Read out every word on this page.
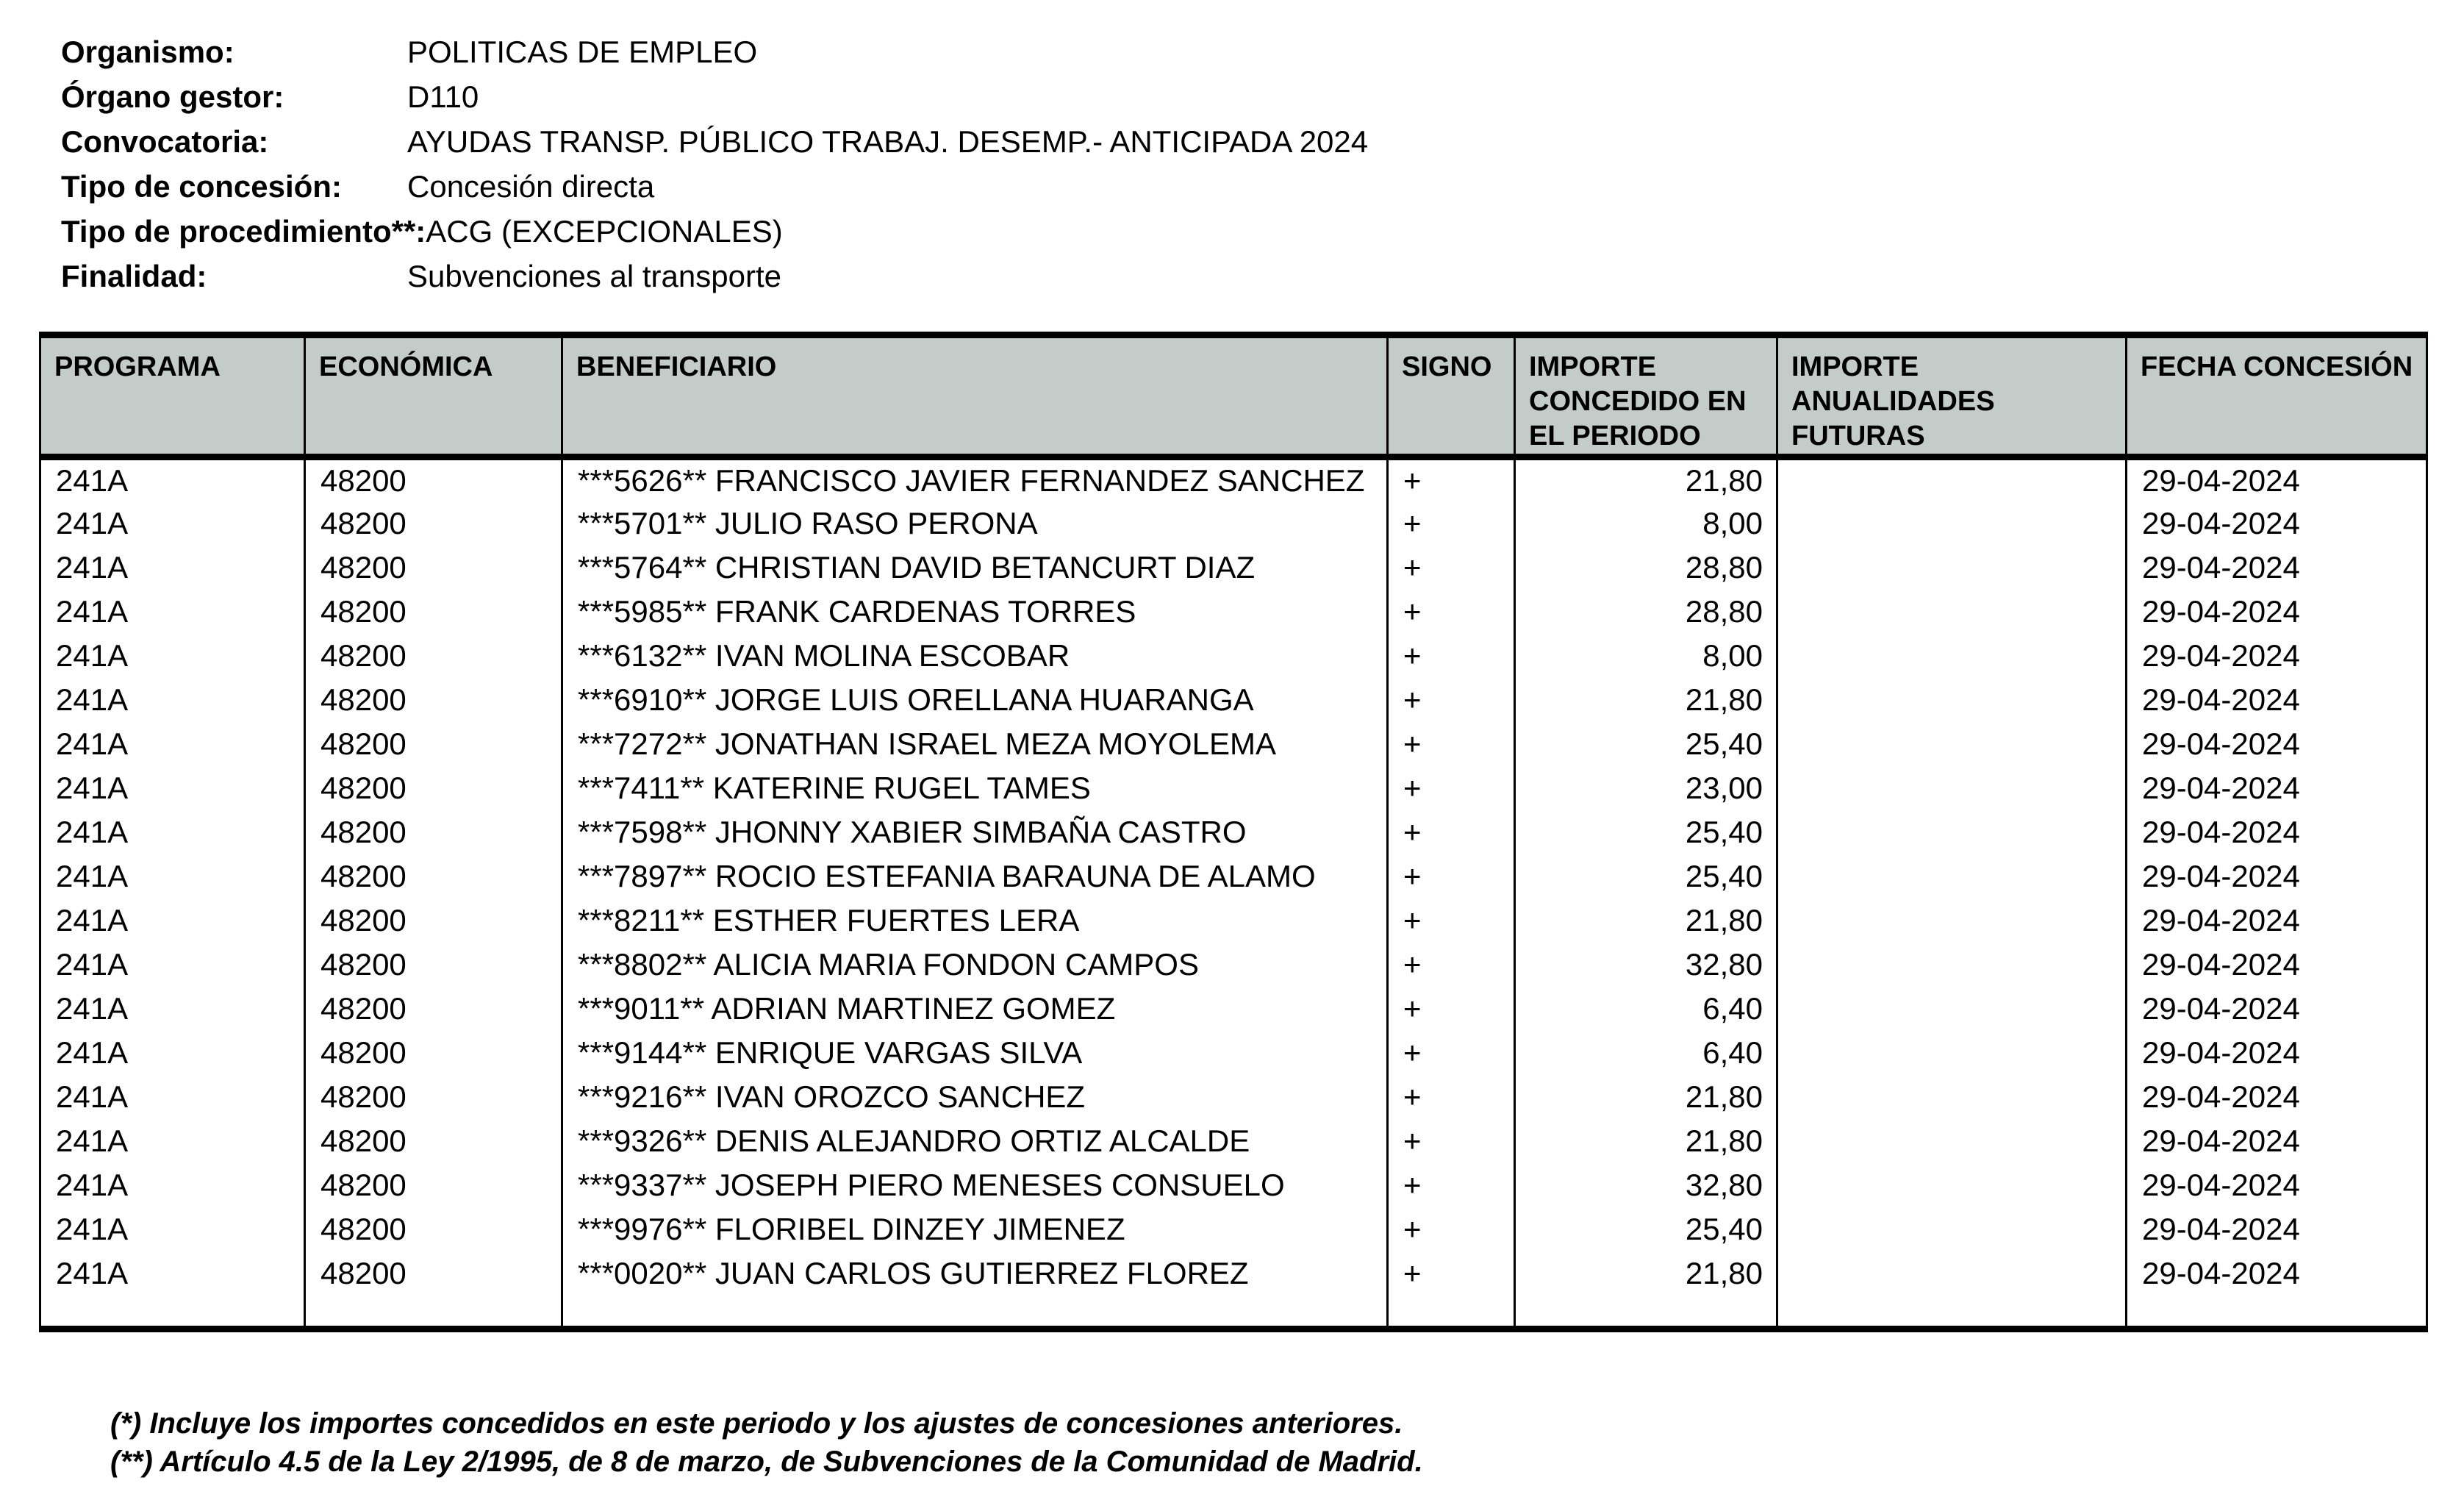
Organismo:	POLITICAS DE EMPLEO
Órgano gestor:	D110
Convocatoria:	AYUDAS TRANSP. PÚBLICO TRABAJ. DESEMP.- ANTICIPADA 2024
Tipo de concesión: Concesión directa
Tipo de procedimiento**:ACG (EXCEPCIONALES)
Finalidad:	Subvenciones al transporte
PROGRAMA	ECONÓMICA	BENEFICIARIO	SIGNO	IMPORTE CONCEDIDO EN EL PERIODO	IMPORTE ANUALIDADES FUTURAS	FECHA CONCESIÓN
241A	48200	***5626** FRANCISCO JAVIER FERNANDEZ SANCHEZ	+	21,80		29-04-2024
241A	48200	***5701** JULIO RASO PERONA	+	8,00		29-04-2024
241A	48200	***5764** CHRISTIAN DAVID BETANCURT DIAZ	+	28,80		29-04-2024
241A	48200	***5985** FRANK CARDENAS TORRES	+	28,80		29-04-2024
241A	48200	***6132** IVAN MOLINA ESCOBAR	+	8,00		29-04-2024
241A	48200	***6910** JORGE LUIS ORELLANA HUARANGA	+	21,80		29-04-2024
241A	48200	***7272** JONATHAN ISRAEL MEZA MOYOLEMA	+	25,40		29-04-2024
241A	48200	***7411** KATERINE RUGEL TAMES	+	23,00		29-04-2024
241A	48200	***7598** JHONNY XABIER SIMBAÑA CASTRO	+	25,40		29-04-2024
241A	48200	***7897** ROCIO ESTEFANIA BARAUNA DE ALAMO	+	25,40		29-04-2024
241A	48200	***8211** ESTHER FUERTES LERA	+	21,80		29-04-2024
241A	48200	***8802** ALICIA MARIA FONDON CAMPOS	+	32,80		29-04-2024
241A	48200	***9011** ADRIAN MARTINEZ GOMEZ	+	6,40		29-04-2024
241A	48200	***9144** ENRIQUE VARGAS SILVA	+	6,40		29-04-2024
241A	48200	***9216** IVAN OROZCO SANCHEZ	+	21,80		29-04-2024
241A	48200	***9326** DENIS ALEJANDRO ORTIZ ALCALDE	+	21,80		29-04-2024
241A	48200	***9337** JOSEPH PIERO MENESES CONSUELO	+	32,80		29-04-2024
241A	48200	***9976** FLORIBEL DINZEY JIMENEZ	+	25,40		29-04-2024
241A	48200	***0020** JUAN CARLOS GUTIERREZ FLOREZ	+	21,80		29-04-2024

(*) Incluye los importes concedidos en este periodo y los ajustes de concesiones anteriores.
(**) Artículo 4.5 de la Ley 2/1995, de 8 de marzo, de Subvenciones de la Comunidad de Madrid.
